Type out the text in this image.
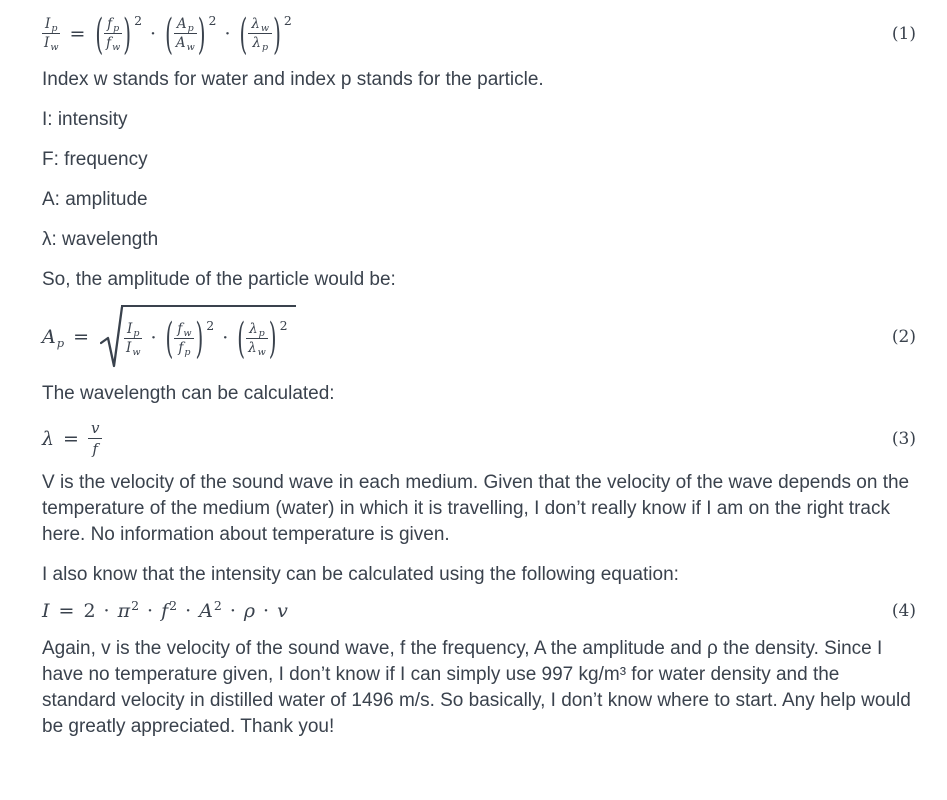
$\frac{\text{I p}}{\text{I w}}$ = ( $\frac{\text{f p}}{\text{f w}}$ ) 2
· ( $\frac{\text{A p}}{\text{A w}}$ ) 2
· ( $\frac{\text{λ w}}{\text{λ p}}$ ) 2
(1)

Index w stands for water and index p stands for the particle.

I: intensity

F: frequency

A: amplitude

λ: wavelength

So, the amplitude of the particle would be:

$A_p$ =	$\frac{\text{I p}}{\text{I w}}$ · ( $\frac{\text{f w}}{\text{f p}}$ ) 2
· ( $\frac{\text{λ p}}{\text{λ w}}$ ) 2
(2)

The wavelength can be calculated:

$\lambda = \frac{v}{f}$	(3)
V is the velocity of the sound wave in each medium. Given that the velocity of the wave depends on the
temperature of the medium (water) in which it is travelling, I don’t really know if I am on the right track
here. No information about temperature is given.

I also know that the intensity can be calculated using the following equation:

$I = 2 \cdot \pi^2 \cdot f^2 \cdot A^2 \cdot \rho \cdot v$	(4)
Again, v is the velocity of the sound wave, f the frequency, A the amplitude and ρ the density. Since I
have no temperature given, I don’t know if I can simply use 997 kg/m³ for water density and the
standard velocity in distilled water of 1496 m/s. So basically, I don’t know where to start. Any help would
be greatly appreciated. Thank you!
